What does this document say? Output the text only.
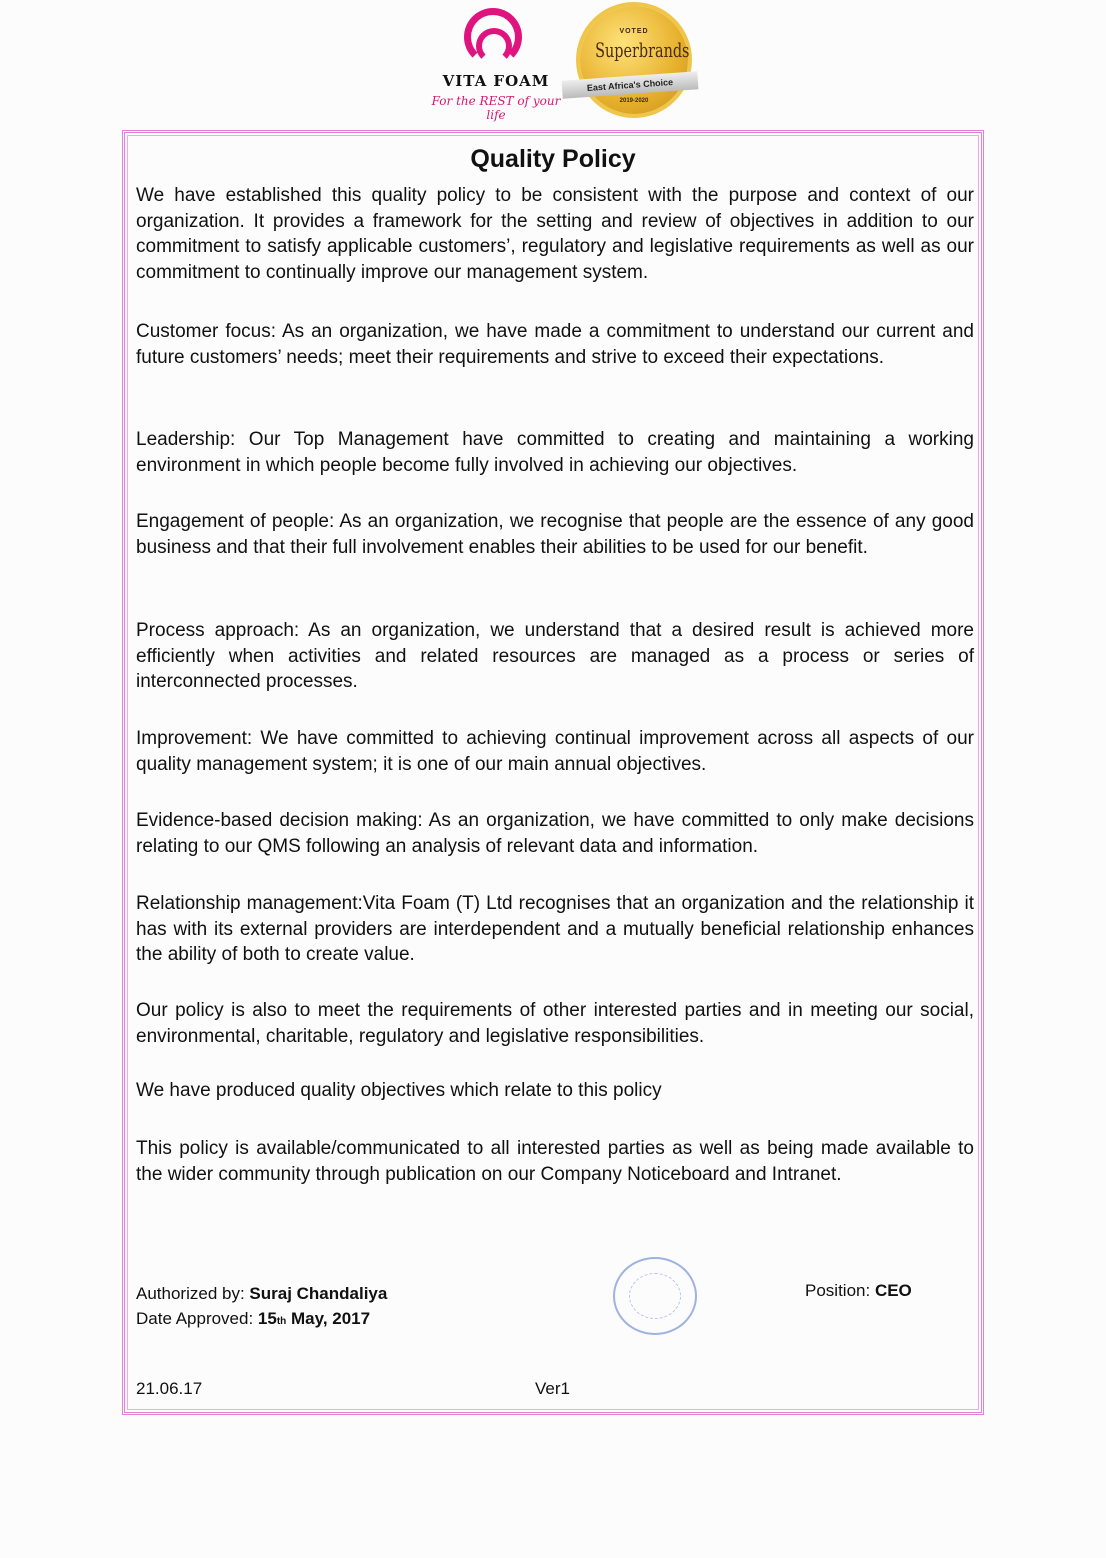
VITA FOAM
For the REST of your life
VOTED
Superbrands
East Africa's Choice
2019-2020
Quality Policy

We have established this quality policy to be consistent with the purpose and context of our organization. It provides a framework for the setting and review of objectives in addition to our commitment to satisfy applicable customers’, regulatory and legislative requirements as well as our commitment to continually improve our management system.

Customer focus: As an organization, we have made a commitment to understand our current and future customers’ needs; meet their requirements and strive to exceed their expectations.

Leadership: Our Top Management have committed to creating and maintaining a working environment in which people become fully involved in achieving our objectives.

Engagement of people: As an organization, we recognise that people are the essence of any good business and that their full involvement enables their abilities to be used for our benefit.

Process approach: As an organization, we understand that a desired result is achieved more efficiently when activities and related resources are managed as a process or series of interconnected processes.

Improvement: We have committed to achieving continual improvement across all aspects of our quality management system; it is one of our main annual objectives.

Evidence-based decision making: As an organization, we have committed to only make decisions relating to our QMS following an analysis of relevant data and information.

Relationship management:Vita Foam (T) Ltd recognises that an organization and the relationship it has with its external providers are interdependent and a mutually beneficial relationship enhances the ability of both to create value.

Our policy is also to meet the requirements of other interested parties and in meeting our social, environmental, charitable, regulatory and legislative responsibilities.

We have produced quality objectives which relate to this policy

This policy is available/communicated to all interested parties as well as being made available to the wider community through publication on our Company Noticeboard and Intranet.

Authorized by: Suraj Chandaliya
Date Approved: 15th May, 2017
Position: CEO
21.06.17	Ver1
